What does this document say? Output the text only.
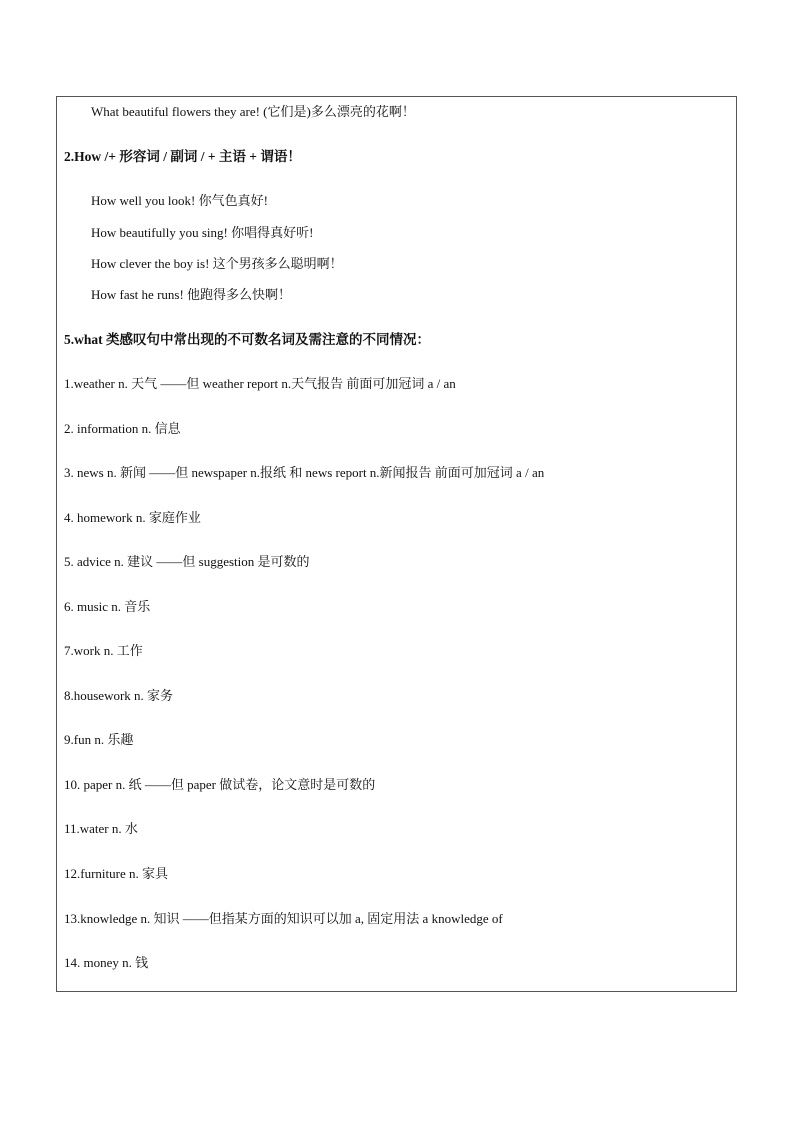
What beautiful flowers they are! (它们是)多么漂亮的花啊！
2.How /+ 形容词 / 副词 / + 主语 + 谓语！
How well you look! 你气色真好!
How beautifully you sing! 你唱得真好听!
How clever the boy is! 这个男孩多么聪明啊！
How fast he runs! 他跑得多么快啊！
5.what 类感叹句中常出现的不可数名词及需注意的不同情况：
1.weather n. 天气 ——但 weather report n.天气报告 前面可加冠词 a / an
2. information n. 信息
3. news n. 新闻 ——但 newspaper n.报纸 和 news report n.新闻报告 前面可加冠词 a / an
4. homework n. 家庭作业
5. advice n. 建议 ——但 suggestion 是可数的
6. music n. 音乐
7.work n. 工作
8.housework n. 家务
9.fun n. 乐趣
10. paper n. 纸 ——但 paper 做试卷，论文意时是可数的
11.water n. 水
12.furniture n. 家具
13.knowledge n. 知识 ——但指某方面的知识可以加 a, 固定用法 a knowledge of
14. money n. 钱
